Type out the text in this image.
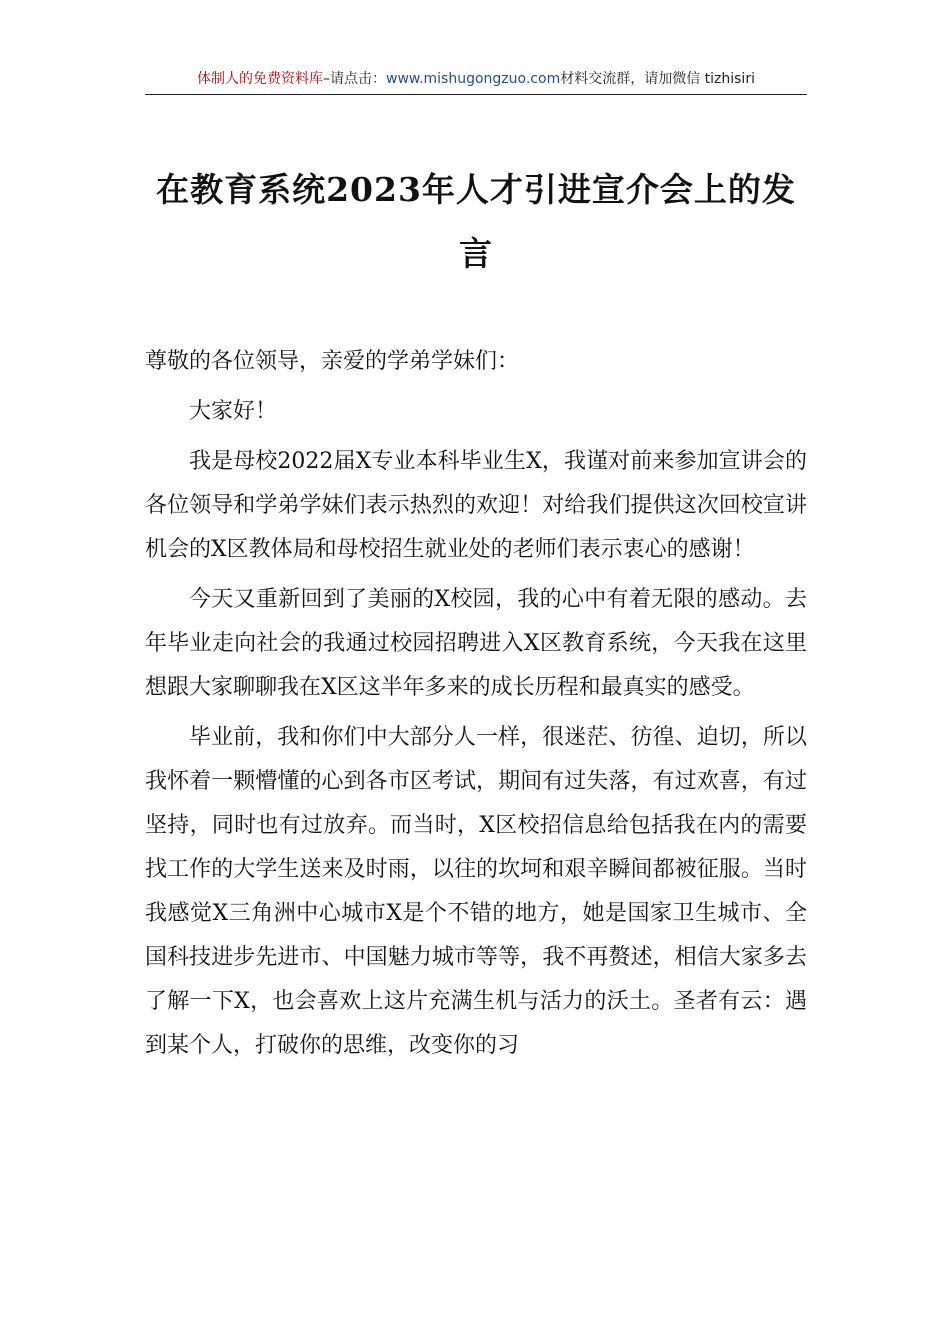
体制人的免费资料库–请点击：www.mishugongzuo.com材料交流群，请加微信 tizhisiri
在教育系统2023年人才引进宣介会上的发言

尊敬的各位领导，亲爱的学弟学妹们：

大家好！

我是母校2022届X专业本科毕业生X，我谨对前来参加宣讲会的各位领导和学弟学妹们表示热烈的欢迎！对给我们提供这次回校宣讲机会的X区教体局和母校招生就业处的老师们表示衷心的感谢！

今天又重新回到了美丽的X校园，我的心中有着无限的感动。去年毕业走向社会的我通过校园招聘进入X区教育系统，今天我在这里想跟大家聊聊我在X区这半年多来的成长历程和最真实的感受。

毕业前，我和你们中大部分人一样，很迷茫、彷徨、迫切，所以我怀着一颗懵懂的心到各市区考试，期间有过失落，有过欢喜，有过坚持，同时也有过放弃。而当时，X区校招信息给包括我在内的需要找工作的大学生送来及时雨，以往的坎坷和艰辛瞬间都被征服。当时我感觉X三角洲中心城市X是个不错的地方，她是国家卫生城市、全国科技进步先进市、中国魅力城市等等，我不再赘述，相信大家多去了解一下X，也会喜欢上这片充满生机与活力的沃土。圣者有云：遇到某个人，打破你的思维，改变你的习
